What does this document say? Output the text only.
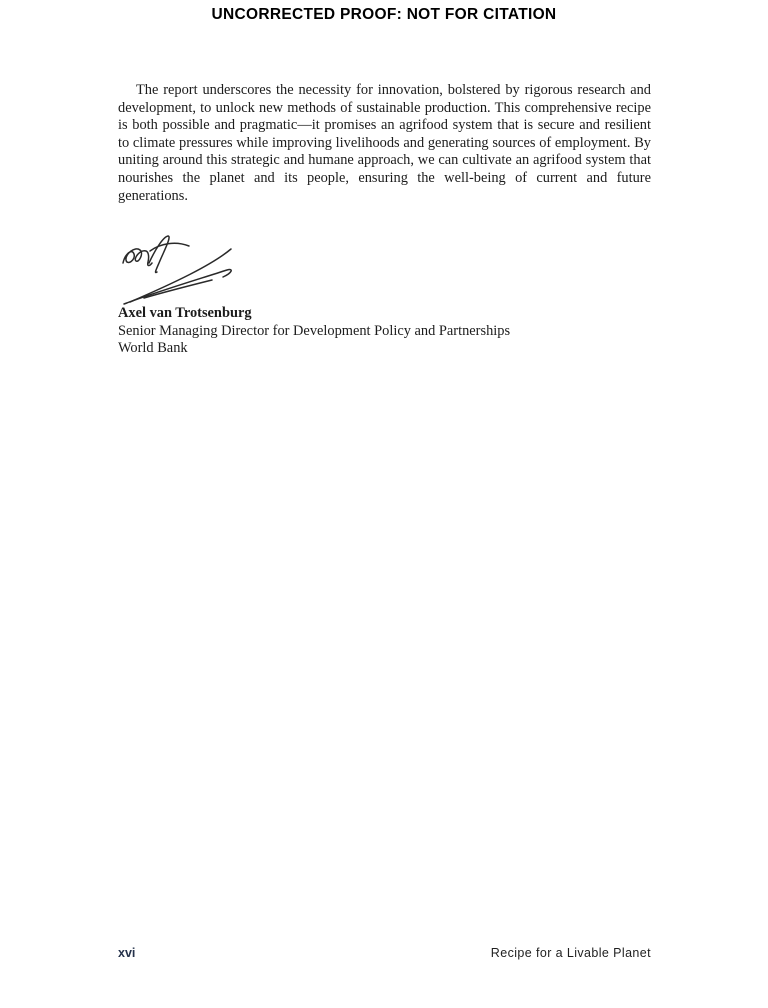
UNCORRECTED PROOF: NOT FOR CITATION
The report underscores the necessity for innovation, bolstered by rigorous research and development, to unlock new methods of sustainable production. This comprehensive recipe is both possible and pragmatic—it promises an agrifood system that is secure and resilient to climate pressures while improving livelihoods and generating sources of employment. By uniting around this strategic and humane approach, we can cultivate an agrifood system that nourishes the planet and its people, ensuring the well-being of current and future generations.
Axel van Trotsenburg
Senior Managing Director for Development Policy and Partnerships
World Bank
xvi	Recipe for a Livable Planet
